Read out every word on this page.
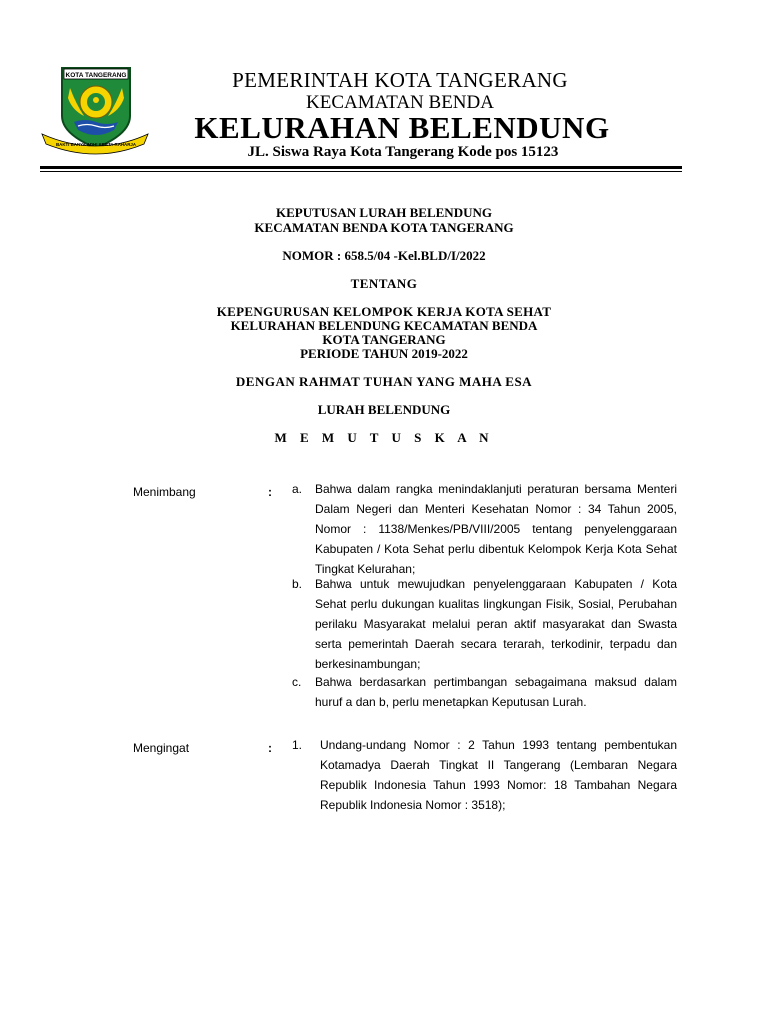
KOTA TANGERANG
BAKTI BANYA ADHI KERTA RAHARJA
PEMERINTAH KOTA TANGERANG
KECAMATAN BENDA
KELURAHAN BELENDUNG
JL. Siswa Raya Kota Tangerang Kode pos 15123
KEPUTUSAN LURAH BELENDUNG
KECAMATAN BENDA KOTA TANGERANG
NOMOR : 658.5/04 -Kel.BLD/I/2022
TENTANG
KEPENGURUSAN KELOMPOK KERJA KOTA SEHAT
KELURAHAN BELENDUNG KECAMATAN BENDA
KOTA TANGERANG
PERIODE TAHUN 2019-2022
DENGAN RAHMAT TUHAN YANG MAHA ESA
LURAH BELENDUNG
M E M U T U S K A N
Menimbang	: a. Bahwa dalam rangka menindaklanjuti peraturan bersama Menteri Dalam Negeri dan Menteri Kesehatan Nomor : 34 Tahun 2005, Nomor : 1138/Menkes/PB/VIII/2005 tentang penyelenggaraan Kabupaten / Kota Sehat perlu dibentuk Kelompok Kerja Kota Sehat Tingkat Kelurahan;
b. Bahwa untuk mewujudkan penyelenggaraan Kabupaten / Kota Sehat perlu dukungan kualitas lingkungan Fisik, Sosial, Perubahan perilaku Masyarakat melalui peran aktif masyarakat dan Swasta serta pemerintah Daerah secara terarah, terkodinir, terpadu dan berkesinambungan;
c. Bahwa berdasarkan pertimbangan sebagaimana maksud dalam huruf a dan b, perlu menetapkan Keputusan Lurah.
Mengingat	: 1. Undang-undang Nomor : 2 Tahun 1993 tentang pembentukan Kotamadya Daerah Tingkat II Tangerang (Lembaran Negara Republik Indonesia Tahun 1993 Nomor: 18 Tambahan Negara Republik Indonesia Nomor : 3518);
